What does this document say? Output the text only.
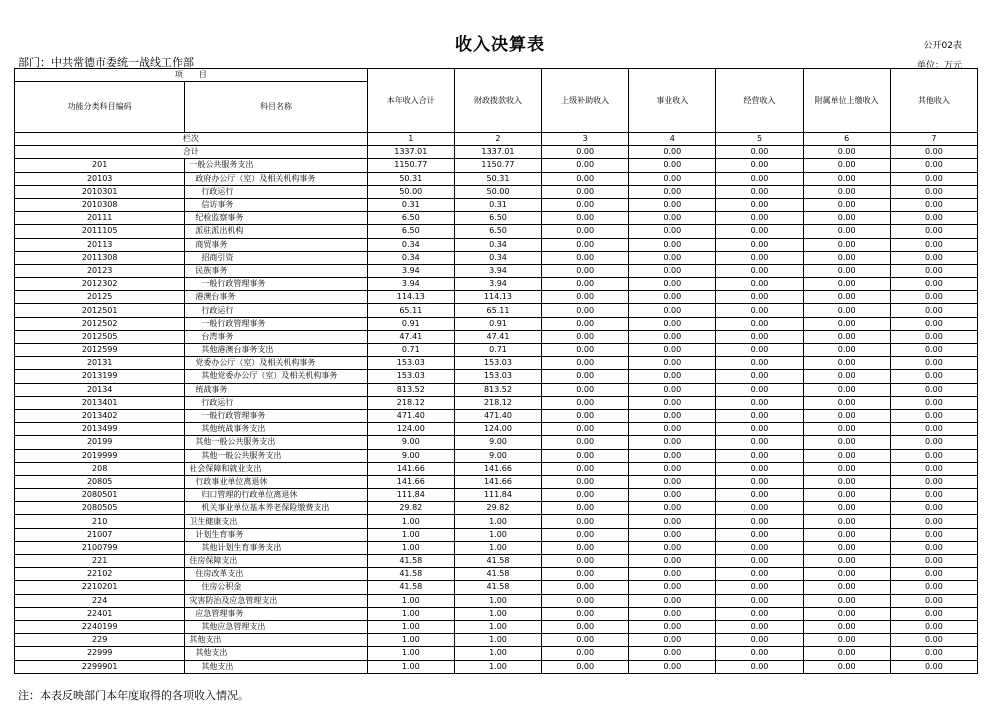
收入决算表	公开02表
部门：中共常德市委统一战线工作部	单位：万元
项　　目		本年收入合计	财政拨款收入	上级补助收入	事业收入	经营收入	附属单位上缴收入	其他收入
功能分类科目编码	科目名称							
栏次		1	2	3	4	5	6	7
合计		1337.01	1337.01	0.00	0.00	0.00	0.00	0.00
201	一般公共服务支出	1150.77	1150.77	0.00	0.00	0.00	0.00	0.00
20103	政府办公厅（室）及相关机构事务	50.31	50.31	0.00	0.00	0.00	0.00	0.00
2010301	行政运行	50.00	50.00	0.00	0.00	0.00	0.00	0.00
2010308	信访事务	0.31	0.31	0.00	0.00	0.00	0.00	0.00
20111	纪检监察事务	6.50	6.50	0.00	0.00	0.00	0.00	0.00
2011105	派驻派出机构	6.50	6.50	0.00	0.00	0.00	0.00	0.00
20113	商贸事务	0.34	0.34	0.00	0.00	0.00	0.00	0.00
2011308	招商引资	0.34	0.34	0.00	0.00	0.00	0.00	0.00
20123	民族事务	3.94	3.94	0.00	0.00	0.00	0.00	0.00
2012302	一般行政管理事务	3.94	3.94	0.00	0.00	0.00	0.00	0.00
20125	港澳台事务	114.13	114.13	0.00	0.00	0.00	0.00	0.00
2012501	行政运行	65.11	65.11	0.00	0.00	0.00	0.00	0.00
2012502	一般行政管理事务	0.91	0.91	0.00	0.00	0.00	0.00	0.00
2012505	台湾事务	47.41	47.41	0.00	0.00	0.00	0.00	0.00
2012599	其他港澳台事务支出	0.71	0.71	0.00	0.00	0.00	0.00	0.00
20131	党委办公厅（室）及相关机构事务	153.03	153.03	0.00	0.00	0.00	0.00	0.00
2013199	其他党委办公厅（室）及相关机构事务	153.03	153.03	0.00	0.00	0.00	0.00	0.00
20134	统战事务	813.52	813.52	0.00	0.00	0.00	0.00	0.00
2013401	行政运行	218.12	218.12	0.00	0.00	0.00	0.00	0.00
2013402	一般行政管理事务	471.40	471.40	0.00	0.00	0.00	0.00	0.00
2013499	其他统战事务支出	124.00	124.00	0.00	0.00	0.00	0.00	0.00
20199	其他一般公共服务支出	9.00	9.00	0.00	0.00	0.00	0.00	0.00
2019999	其他一般公共服务支出	9.00	9.00	0.00	0.00	0.00	0.00	0.00
208	社会保障和就业支出	141.66	141.66	0.00	0.00	0.00	0.00	0.00
20805	行政事业单位离退休	141.66	141.66	0.00	0.00	0.00	0.00	0.00
2080501	归口管理的行政单位离退休	111.84	111.84	0.00	0.00	0.00	0.00	0.00
2080505	机关事业单位基本养老保险缴费支出	29.82	29.82	0.00	0.00	0.00	0.00	0.00
210	卫生健康支出	1.00	1.00	0.00	0.00	0.00	0.00	0.00
21007	计划生育事务	1.00	1.00	0.00	0.00	0.00	0.00	0.00
2100799	其他计划生育事务支出	1.00	1.00	0.00	0.00	0.00	0.00	0.00
221	住房保障支出	41.58	41.58	0.00	0.00	0.00	0.00	0.00
22102	住房改革支出	41.58	41.58	0.00	0.00	0.00	0.00	0.00
2210201	住房公积金	41.58	41.58	0.00	0.00	0.00	0.00	0.00
224	灾害防治及应急管理支出	1.00	1.00	0.00	0.00	0.00	0.00	0.00
22401	应急管理事务	1.00	1.00	0.00	0.00	0.00	0.00	0.00
2240199	其他应急管理支出	1.00	1.00	0.00	0.00	0.00	0.00	0.00
229	其他支出	1.00	1.00	0.00	0.00	0.00	0.00	0.00
22999	其他支出	1.00	1.00	0.00	0.00	0.00	0.00	0.00
2299901	其他支出	1.00	1.00	0.00	0.00	0.00	0.00	0.00
注：本表反映部门本年度取得的各项收入情况。
